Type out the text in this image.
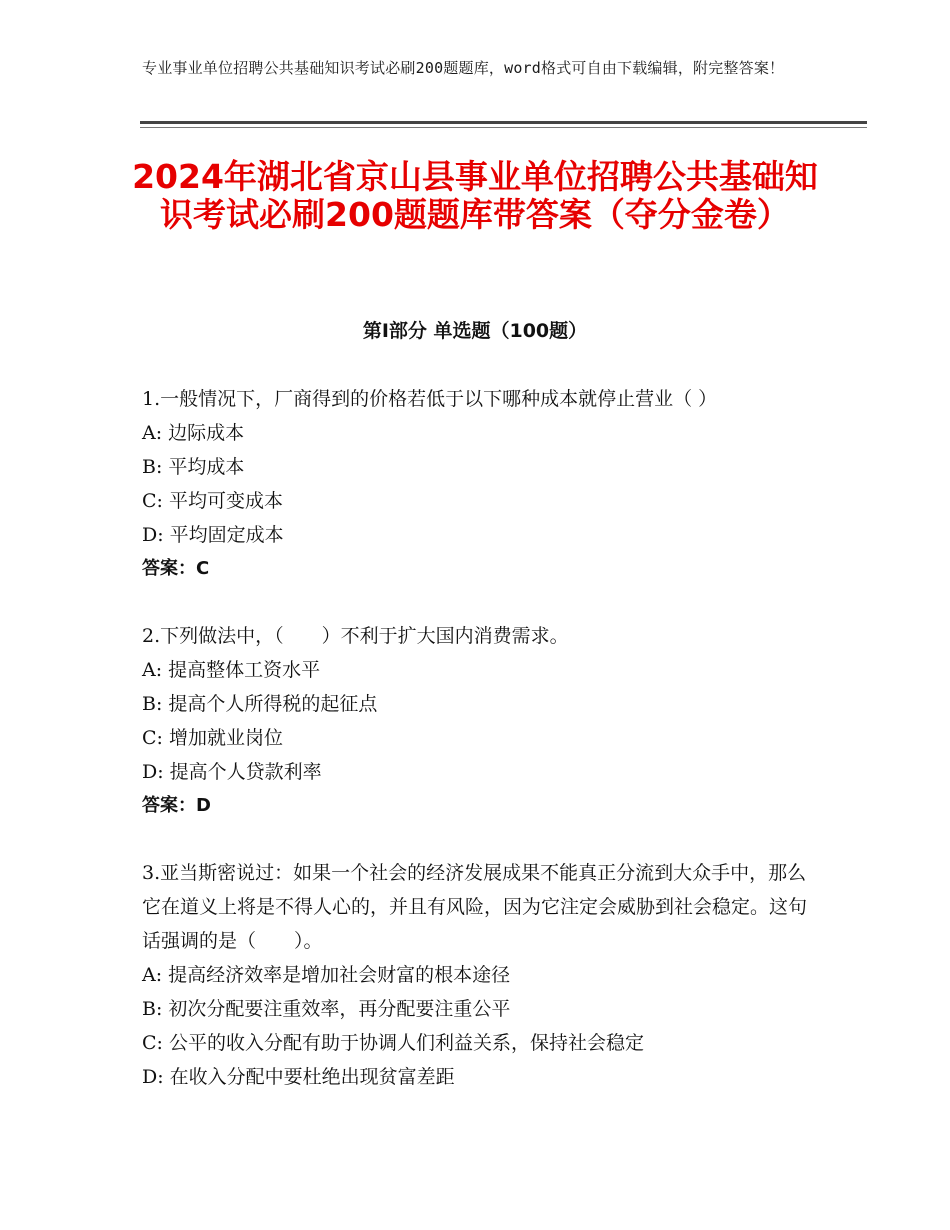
专业事业单位招聘公共基础知识考试必刷200题题库，word格式可自由下载编辑，附完整答案！
2024年湖北省京山县事业单位招聘公共基础知识考试必刷200题题库带答案（夺分金卷）
第Ⅰ部分 单选题（100题）

1.一般情况下，厂商得到的价格若低于以下哪种成本就停止营业（ ）

A: 边际成本

B: 平均成本

C: 平均可变成本

D: 平均固定成本

答案：C

2.下列做法中，（　　）不利于扩大国内消费需求。

A: 提高整体工资水平

B: 提高个人所得税的起征点

C: 增加就业岗位

D: 提高个人贷款利率

答案：D

3.亚当斯密说过：如果一个社会的经济发展成果不能真正分流到大众手中，那么它在道义上将是不得人心的，并且有风险，因为它注定会威胁到社会稳定。这句话强调的是（　　）。

A: 提高经济效率是增加社会财富的根本途径

B: 初次分配要注重效率，再分配要注重公平

C: 公平的收入分配有助于协调人们利益关系，保持社会稳定

D: 在收入分配中要杜绝出现贫富差距
